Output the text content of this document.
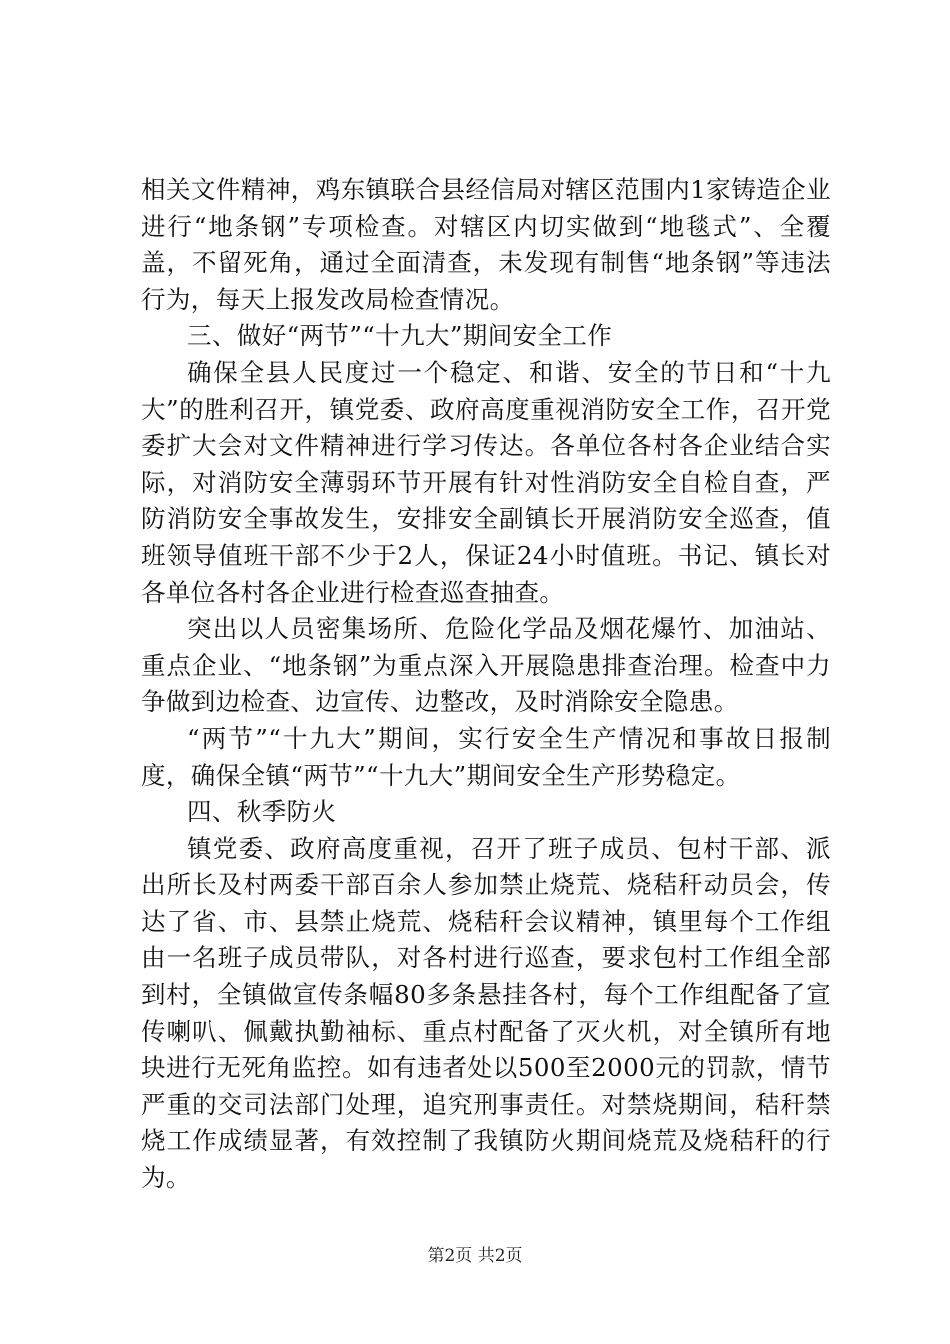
相关文件精神，鸡东镇联合县经信局对辖区范围内1家铸造企业进行“地条钢”专项检查。对辖区内切实做到“地毯式”、全覆盖，不留死角，通过全面清查，未发现有制售“地条钢”等违法行为，每天上报发改局检查情况。

三、做好“两节”“十九大”期间安全工作

确保全县人民度过一个稳定、和谐、安全的节日和“十九大”的胜利召开，镇党委、政府高度重视消防安全工作，召开党委扩大会对文件精神进行学习传达。各单位各村各企业结合实际，对消防安全薄弱环节开展有针对性消防安全自检自查，严防消防安全事故发生，安排安全副镇长开展消防安全巡查，值班领导值班干部不少于2人，保证24小时值班。书记、镇长对各单位各村各企业进行检查巡查抽查。

突出以人员密集场所、危险化学品及烟花爆竹、加油站、重点企业、“地条钢”为重点深入开展隐患排查治理。检查中力争做到边检查、边宣传、边整改，及时消除安全隐患。

“两节”“十九大”期间，实行安全生产情况和事故日报制度，确保全镇“两节”“十九大”期间安全生产形势稳定。

四、秋季防火

镇党委、政府高度重视，召开了班子成员、包村干部、派出所长及村两委干部百余人参加禁止烧荒、烧秸秆动员会，传达了省、市、县禁止烧荒、烧秸秆会议精神，镇里每个工作组由一名班子成员带队，对各村进行巡查，要求包村工作组全部到村，全镇做宣传条幅80多条悬挂各村，每个工作组配备了宣传喇叭、佩戴执勤袖标、重点村配备了灭火机，对全镇所有地块进行无死角监控。如有违者处以500至2000元的罚款，情节严重的交司法部门处理，追究刑事责任。对禁烧期间，秸秆禁烧工作成绩显著，有效控制了我镇防火期间烧荒及烧秸秆的行为。

第2页 共2页
